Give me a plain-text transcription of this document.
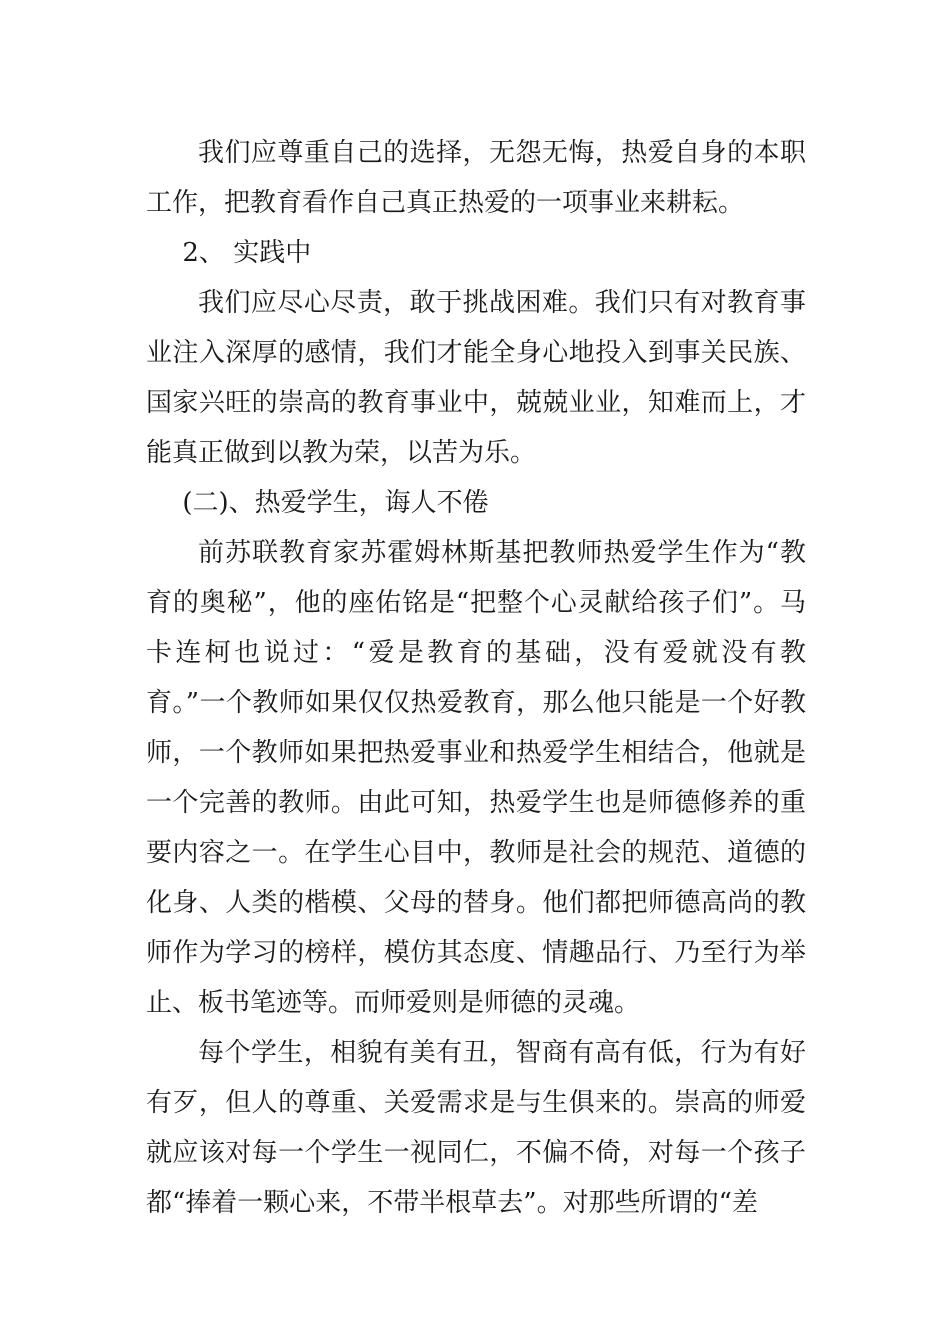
我们应尊重自己的选择，无怨无悔，热爱自身的本职工作，把教育看作自己真正热爱的一项事业来耕耘。

2、 实践中

我们应尽心尽责，敢于挑战困难。我们只有对教育事业注入深厚的感情，我们才能全身心地投入到事关民族、国家兴旺的崇高的教育事业中，兢兢业业，知难而上，才能真正做到以教为荣，以苦为乐。

(二)、热爱学生，诲人不倦

前苏联教育家苏霍姆林斯基把教师热爱学生作为“教育的奥秘”，他的座佑铭是“把整个心灵献给孩子们”。马卡连柯也说过：“爱是教育的基础，没有爱就没有教育。”一个教师如果仅仅热爱教育，那么他只能是一个好教师，一个教师如果把热爱事业和热爱学生相结合，他就是一个完善的教师。由此可知，热爱学生也是师德修养的重要内容之一。在学生心目中，教师是社会的规范、道德的化身、人类的楷模、父母的替身。他们都把师德高尚的教师作为学习的榜样，模仿其态度、情趣品行、乃至行为举止、板书笔迹等。而师爱则是师德的灵魂。

每个学生，相貌有美有丑，智商有高有低，行为有好有歹，但人的尊重、关爱需求是与生俱来的。崇高的师爱就应该对每一个学生一视同仁，不偏不倚，对每一个孩子都“捧着一颗心来，不带半根草去”。对那些所谓的“差
